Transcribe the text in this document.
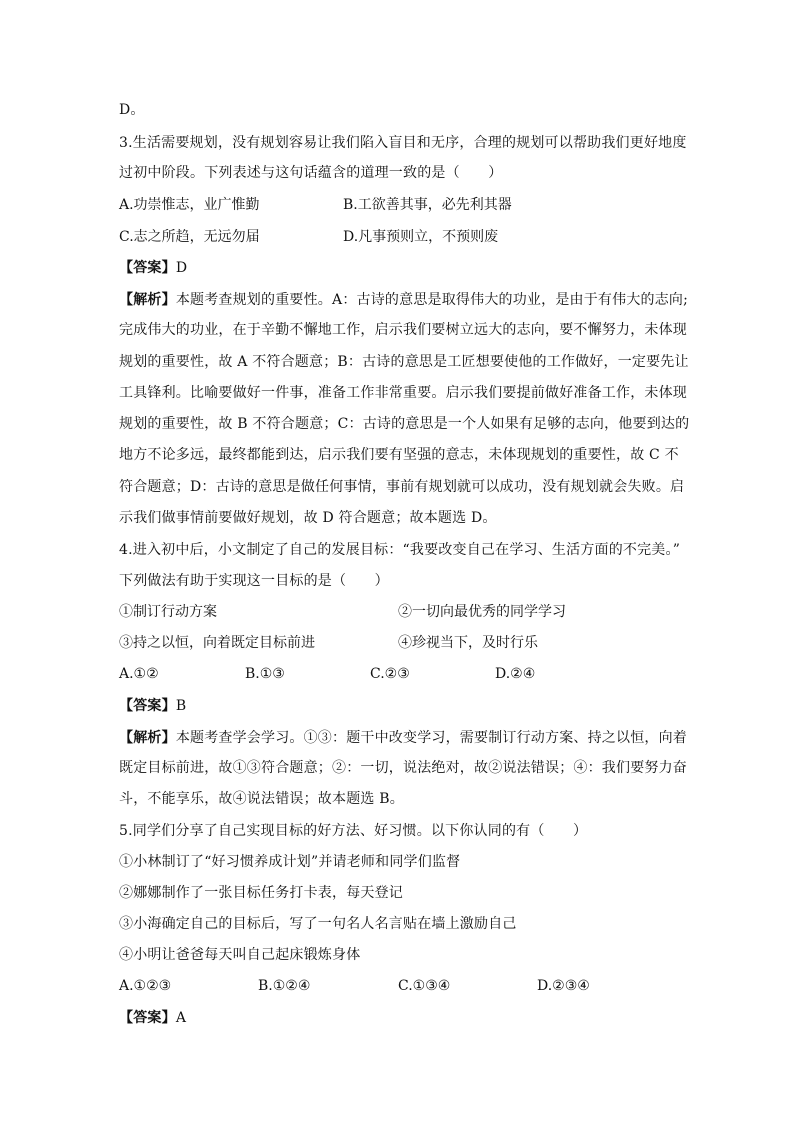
D。
3.生活需要规划，没有规划容易让我们陷入盲目和无序，合理的规划可以帮助我们更好地度
过初中阶段。下列表述与这句话蕴含的道理一致的是（　　）
A.功崇惟志，业广惟勤	B.工欲善其事，必先利其器
C.志之所趋，无远勿届	D.凡事预则立，不预则废
【答案】D
【解析】本题考查规划的重要性。A：古诗的意思是取得伟大的功业，是由于有伟大的志向;
完成伟大的功业，在于辛勤不懈地工作，启示我们要树立远大的志向，要不懈努力，未体现
规划的重要性，故 A 不符合题意；B：古诗的意思是工匠想要使他的工作做好，一定要先让
工具锋利。比喻要做好一件事，准备工作非常重要。启示我们要提前做好准备工作，未体现
规划的重要性，故 B 不符合题意；C：古诗的意思是一个人如果有足够的志向，他要到达的
地方不论多远，最终都能到达，启示我们要有坚强的意志，未体现规划的重要性，故 C 不
符合题意；D：古诗的意思是做任何事情，事前有规划就可以成功，没有规划就会失败。启
示我们做事情前要做好规划，故 D 符合题意；故本题选 D。
4.进入初中后，小文制定了自己的发展目标：“我要改变自己在学习、生活方面的不完美。”
下列做法有助于实现这一目标的是（　　）
①制订行动方案	②一切向最优秀的同学学习
③持之以恒，向着既定目标前进	④珍视当下，及时行乐
A.①②	B.①③	C.②③	D.②④
【答案】B
【解析】本题考查学会学习。①③：题干中改变学习，需要制订行动方案、持之以恒，向着
既定目标前进，故①③符合题意；②：一切，说法绝对，故②说法错误；④：我们要努力奋
斗，不能享乐，故④说法错误；故本题选 B。
5.同学们分享了自己实现目标的好方法、好习惯。以下你认同的有（　　）
①小林制订了“好习惯养成计划”并请老师和同学们监督
②娜娜制作了一张目标任务打卡表，每天登记
③小海确定自己的目标后，写了一句名人名言贴在墙上激励自己
④小明让爸爸每天叫自己起床锻炼身体
A.①②③	B.①②④	C.①③④	D.②③④
【答案】A
